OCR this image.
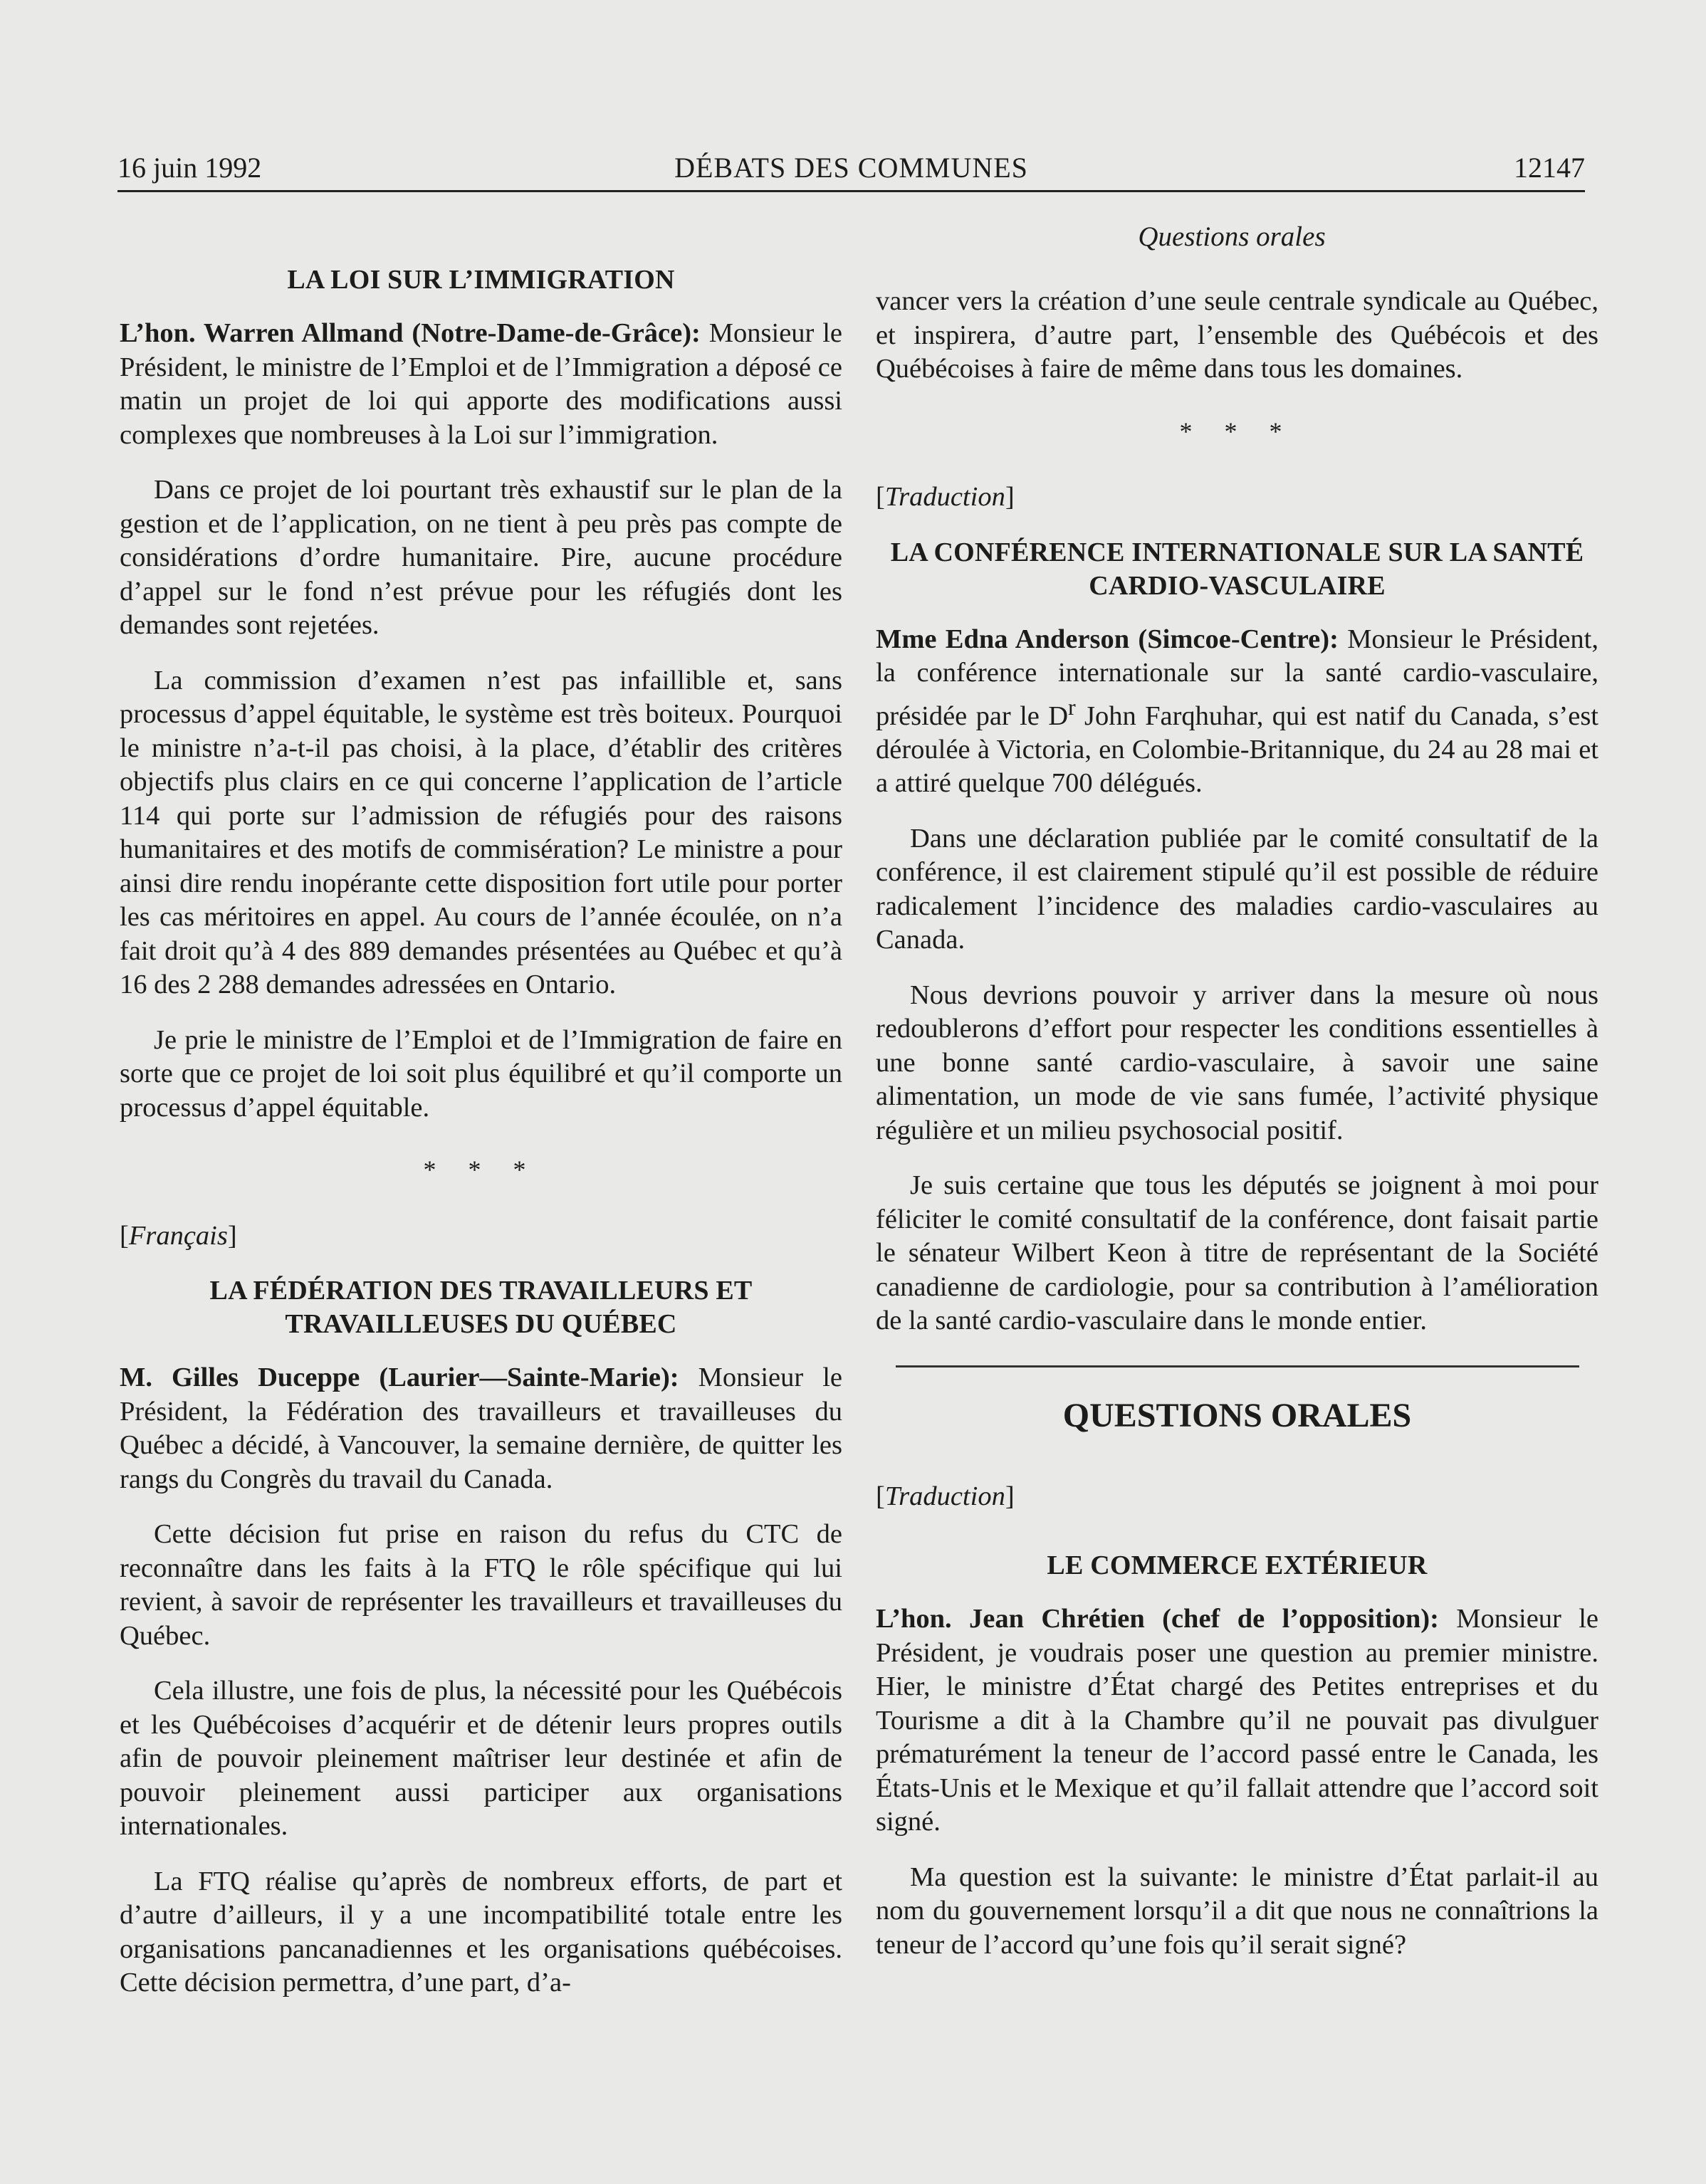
16 juin 1992	DÉBATS DES COMMUNES	12147
Questions orales
LA LOI SUR L’IMMIGRATION

L’hon. Warren Allmand (Notre-Dame-de-Grâce): Monsieur le Président, le ministre de l’Emploi et de l’Immigration a déposé ce matin un projet de loi qui apporte des modifications aussi complexes que nombreuses à la Loi sur l’immigration.

Dans ce projet de loi pourtant très exhaustif sur le plan de la gestion et de l’application, on ne tient à peu près pas compte de considérations d’ordre humanitaire. Pire, aucune procédure d’appel sur le fond n’est prévue pour les réfugiés dont les demandes sont rejetées.

La commission d’examen n’est pas infaillible et, sans processus d’appel équitable, le système est très boiteux. Pourquoi le ministre n’a-t-il pas choisi, à la place, d’établir des critères objectifs plus clairs en ce qui concerne l’application de l’article 114 qui porte sur l’admission de réfugiés pour des raisons humanitaires et des motifs de commisération? Le ministre a pour ainsi dire rendu inopérante cette disposition fort utile pour porter les cas méritoires en appel. Au cours de l’année écoulée, on n’a fait droit qu’à 4 des 889 demandes présentées au Québec et qu’à 16 des 2 288 demandes adressées en Ontario.

Je prie le ministre de l’Emploi et de l’Immigration de faire en sorte que ce projet de loi soit plus équilibré et qu’il comporte un processus d’appel équitable.

* * *

[Français]

LA FÉDÉRATION DES TRAVAILLEURS ET TRAVAILLEUSES DU QUÉBEC

M. Gilles Duceppe (Laurier—Sainte-Marie): Monsieur le Président, la Fédération des travailleurs et travailleuses du Québec a décidé, à Vancouver, la semaine dernière, de quitter les rangs du Congrès du travail du Canada.

Cette décision fut prise en raison du refus du CTC de reconnaître dans les faits à la FTQ le rôle spécifique qui lui revient, à savoir de représenter les travailleurs et travailleuses du Québec.

Cela illustre, une fois de plus, la nécessité pour les Québécois et les Québécoises d’acquérir et de détenir leurs propres outils afin de pouvoir pleinement maîtriser leur destinée et afin de pouvoir pleinement aussi participer aux organisations internationales.

La FTQ réalise qu’après de nombreux efforts, de part et d’autre d’ailleurs, il y a une incompatibilité totale entre les organisations pancanadiennes et les organisations québécoises. Cette décision permettra, d’une part, d’a-

vancer vers la création d’une seule centrale syndicale au Québec, et inspirera, d’autre part, l’ensemble des Québécois et des Québécoises à faire de même dans tous les domaines.

* * *

[Traduction]

LA CONFÉRENCE INTERNATIONALE SUR LA SANTÉ CARDIO-VASCULAIRE

Mme Edna Anderson (Simcoe-Centre): Monsieur le Président, la conférence internationale sur la santé cardio-vasculaire, présidée par le $D^r$ John Farqhuhar, qui est natif du Canada, s’est déroulée à Victoria, en Colombie-Britannique, du 24 au 28 mai et a attiré quelque 700 délégués.

Dans une déclaration publiée par le comité consultatif de la conférence, il est clairement stipulé qu’il est possible de réduire radicalement l’incidence des maladies cardio-vasculaires au Canada.

Nous devrions pouvoir y arriver dans la mesure où nous redoublerons d’effort pour respecter les conditions essentielles à une bonne santé cardio-vasculaire, à savoir une saine alimentation, un mode de vie sans fumée, l’activité physique régulière et un milieu psychosocial positif.

Je suis certaine que tous les députés se joignent à moi pour féliciter le comité consultatif de la conférence, dont faisait partie le sénateur Wilbert Keon à titre de représentant de la Société canadienne de cardiologie, pour sa contribution à l’amélioration de la santé cardio-vasculaire dans le monde entier.

QUESTIONS ORALES

[Traduction]

LE COMMERCE EXTÉRIEUR

L’hon. Jean Chrétien (chef de l’opposition): Monsieur le Président, je voudrais poser une question au premier ministre. Hier, le ministre d’État chargé des Petites entreprises et du Tourisme a dit à la Chambre qu’il ne pouvait pas divulguer prématurément la teneur de l’accord passé entre le Canada, les États-Unis et le Mexique et qu’il fallait attendre que l’accord soit signé.

Ma question est la suivante: le ministre d’État parlait-il au nom du gouvernement lorsqu’il a dit que nous ne connaîtrions la teneur de l’accord qu’une fois qu’il serait signé?
